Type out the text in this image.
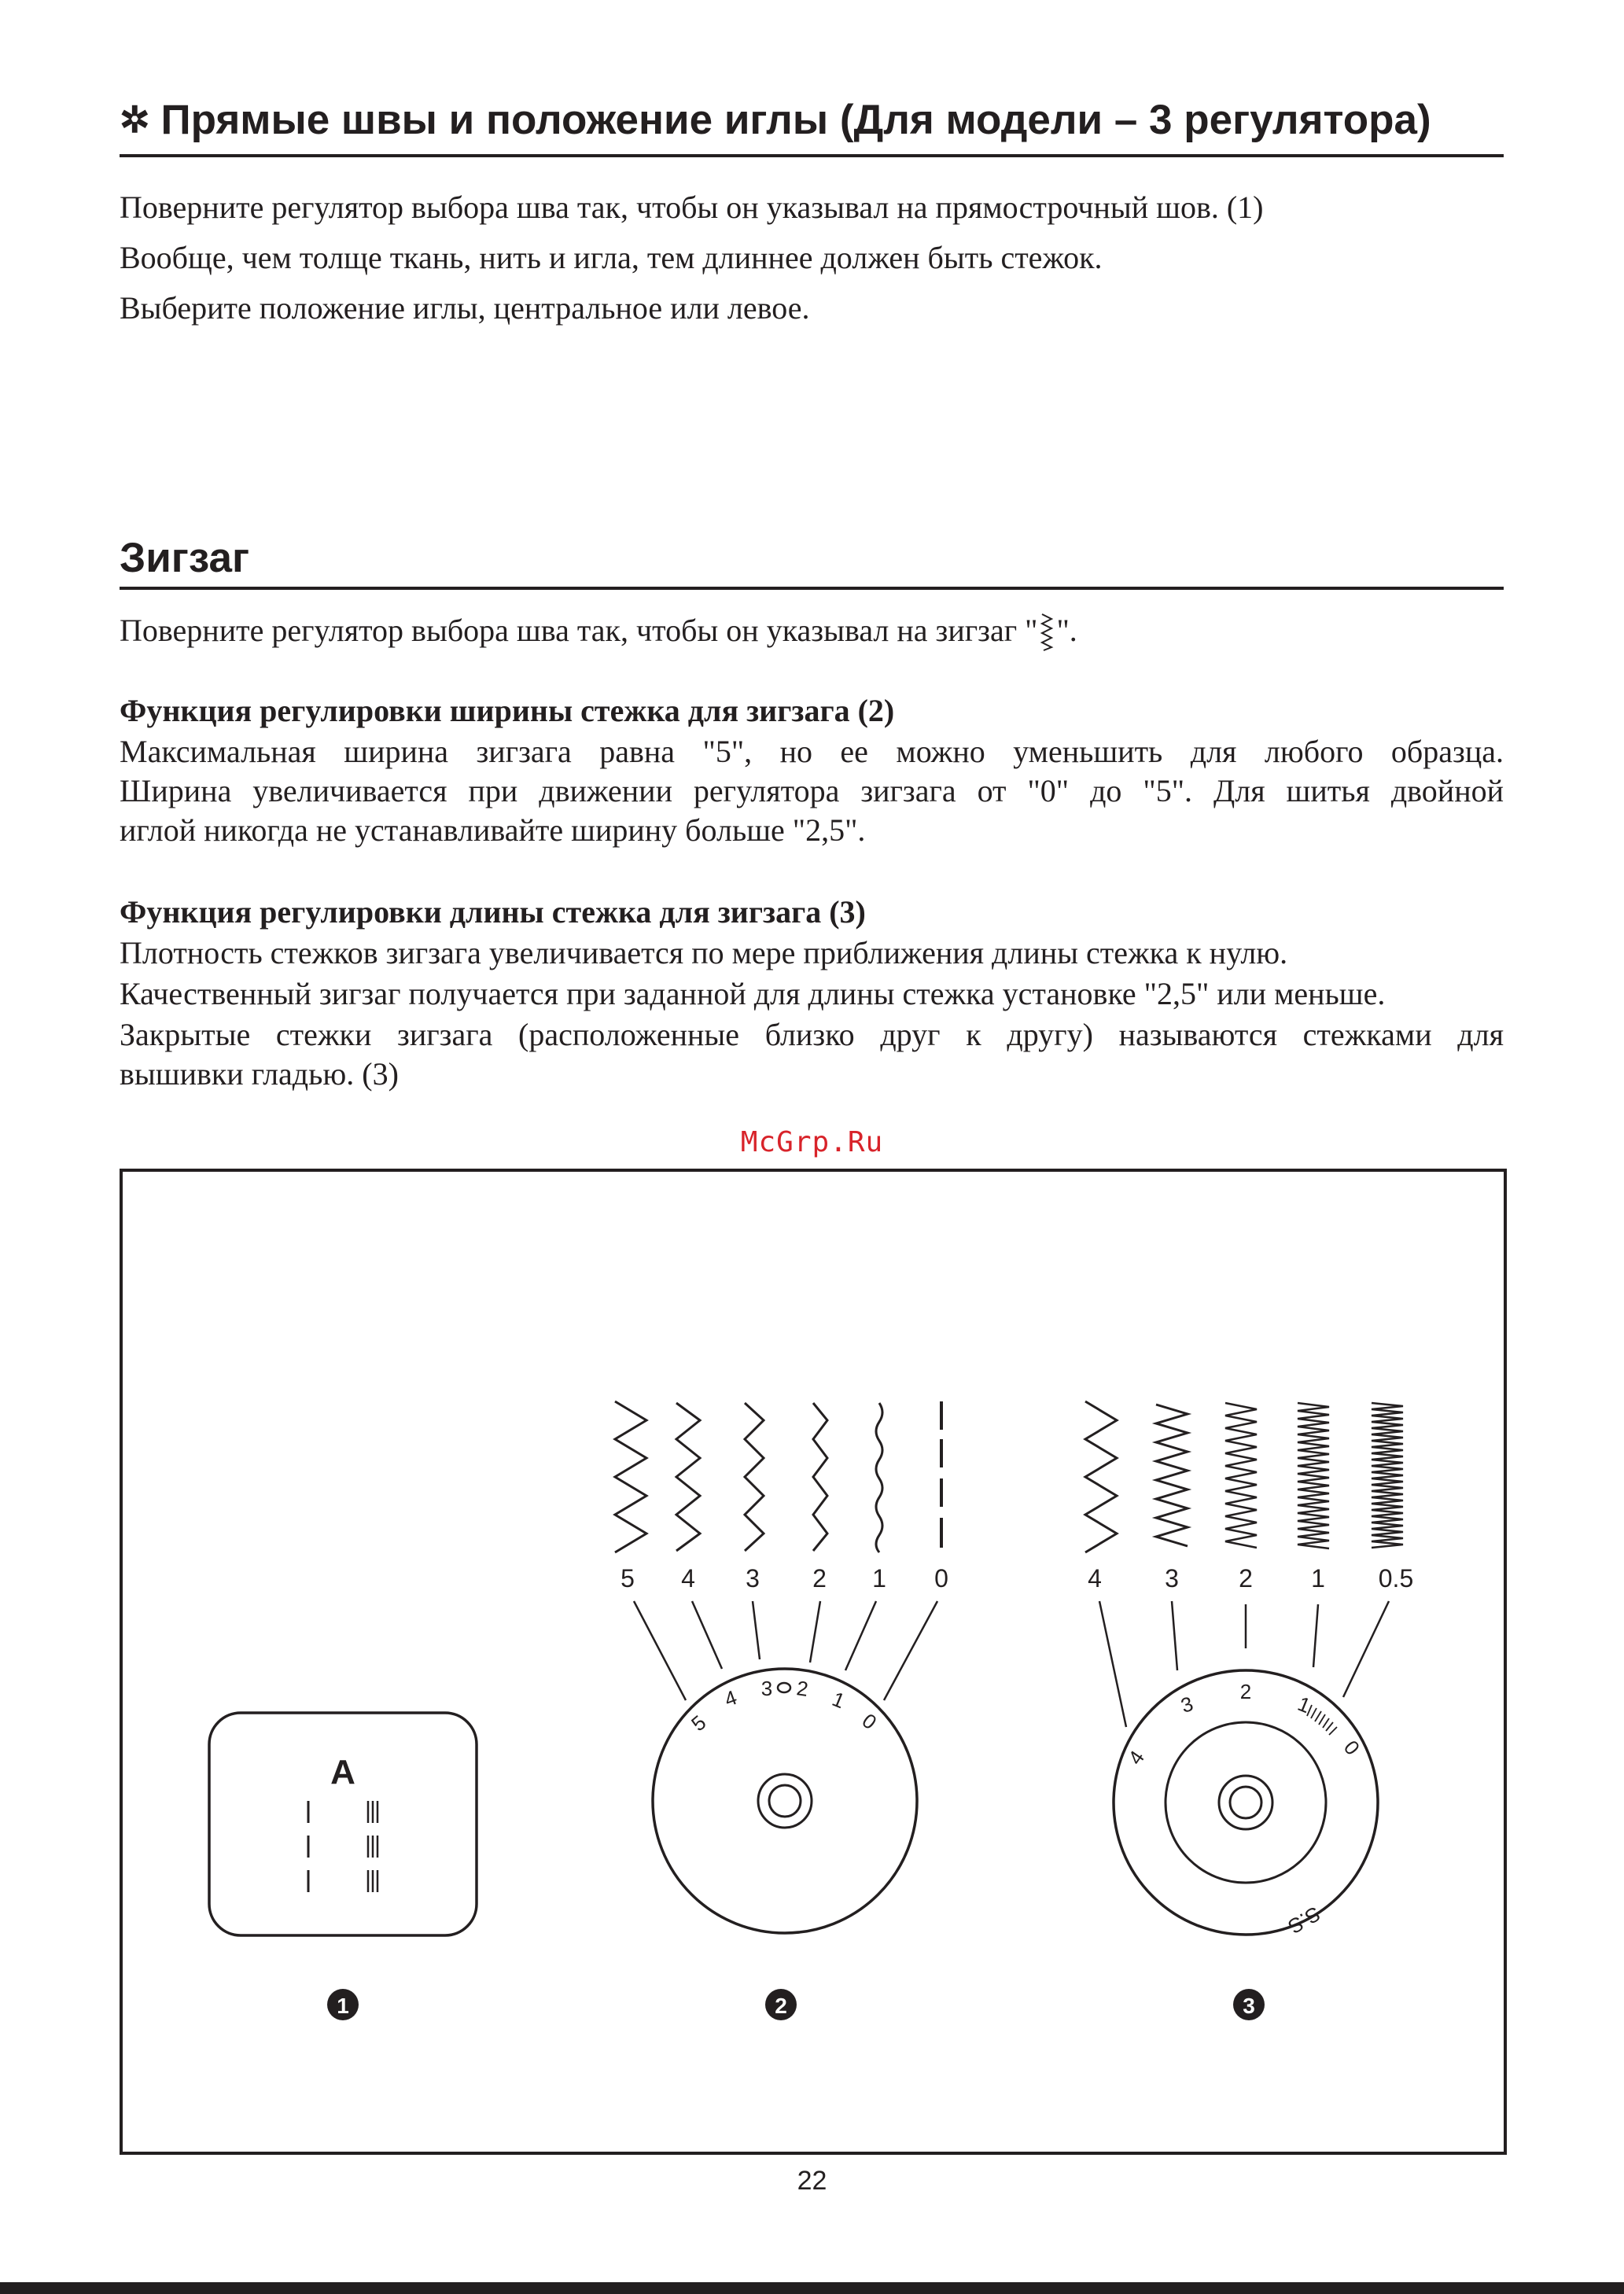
✲ Прямые швы и положение иглы (Для модели – 3 регулятора)
Поверните регулятор выбора шва так, чтобы он указывал на прямострочный шов. (1)
Вообще, чем толще ткань, нить и игла, тем длиннее должен быть стежок.
Выберите положение иглы, центральное или левое.
Зигзаг
Поверните регулятор выбора шва так, чтобы он указывал на зигзаг " ".
Функция регулировки ширины стежка для зигзага (2)
Максимальная ширина зигзага равна "5", но ее можно уменьшить для любого образца.
Ширина увеличивается при движении регулятора зигзага от "0" до "5". Для шитья двойной
иглой никогда не устанавливайте ширину больше "2,5".
Функция регулировки длины стежка для зигзага (3)
Плотность стежков зигзага увеличивается по мере приближения длины стежка к нулю.
Качественный зигзаг получается при заданной для длины стежка установке "2,5" или меньше.
Закрытые стежки зигзага (расположенные близко друг к другу) называются стежками для
вышивки гладью. (3)
McGrp.Ru
A
5 4 3 2 1 0
5
4 3 2 1
0
4	3 2 1 0.5
4
3 2
1
0
S.S
1	2	3
22
